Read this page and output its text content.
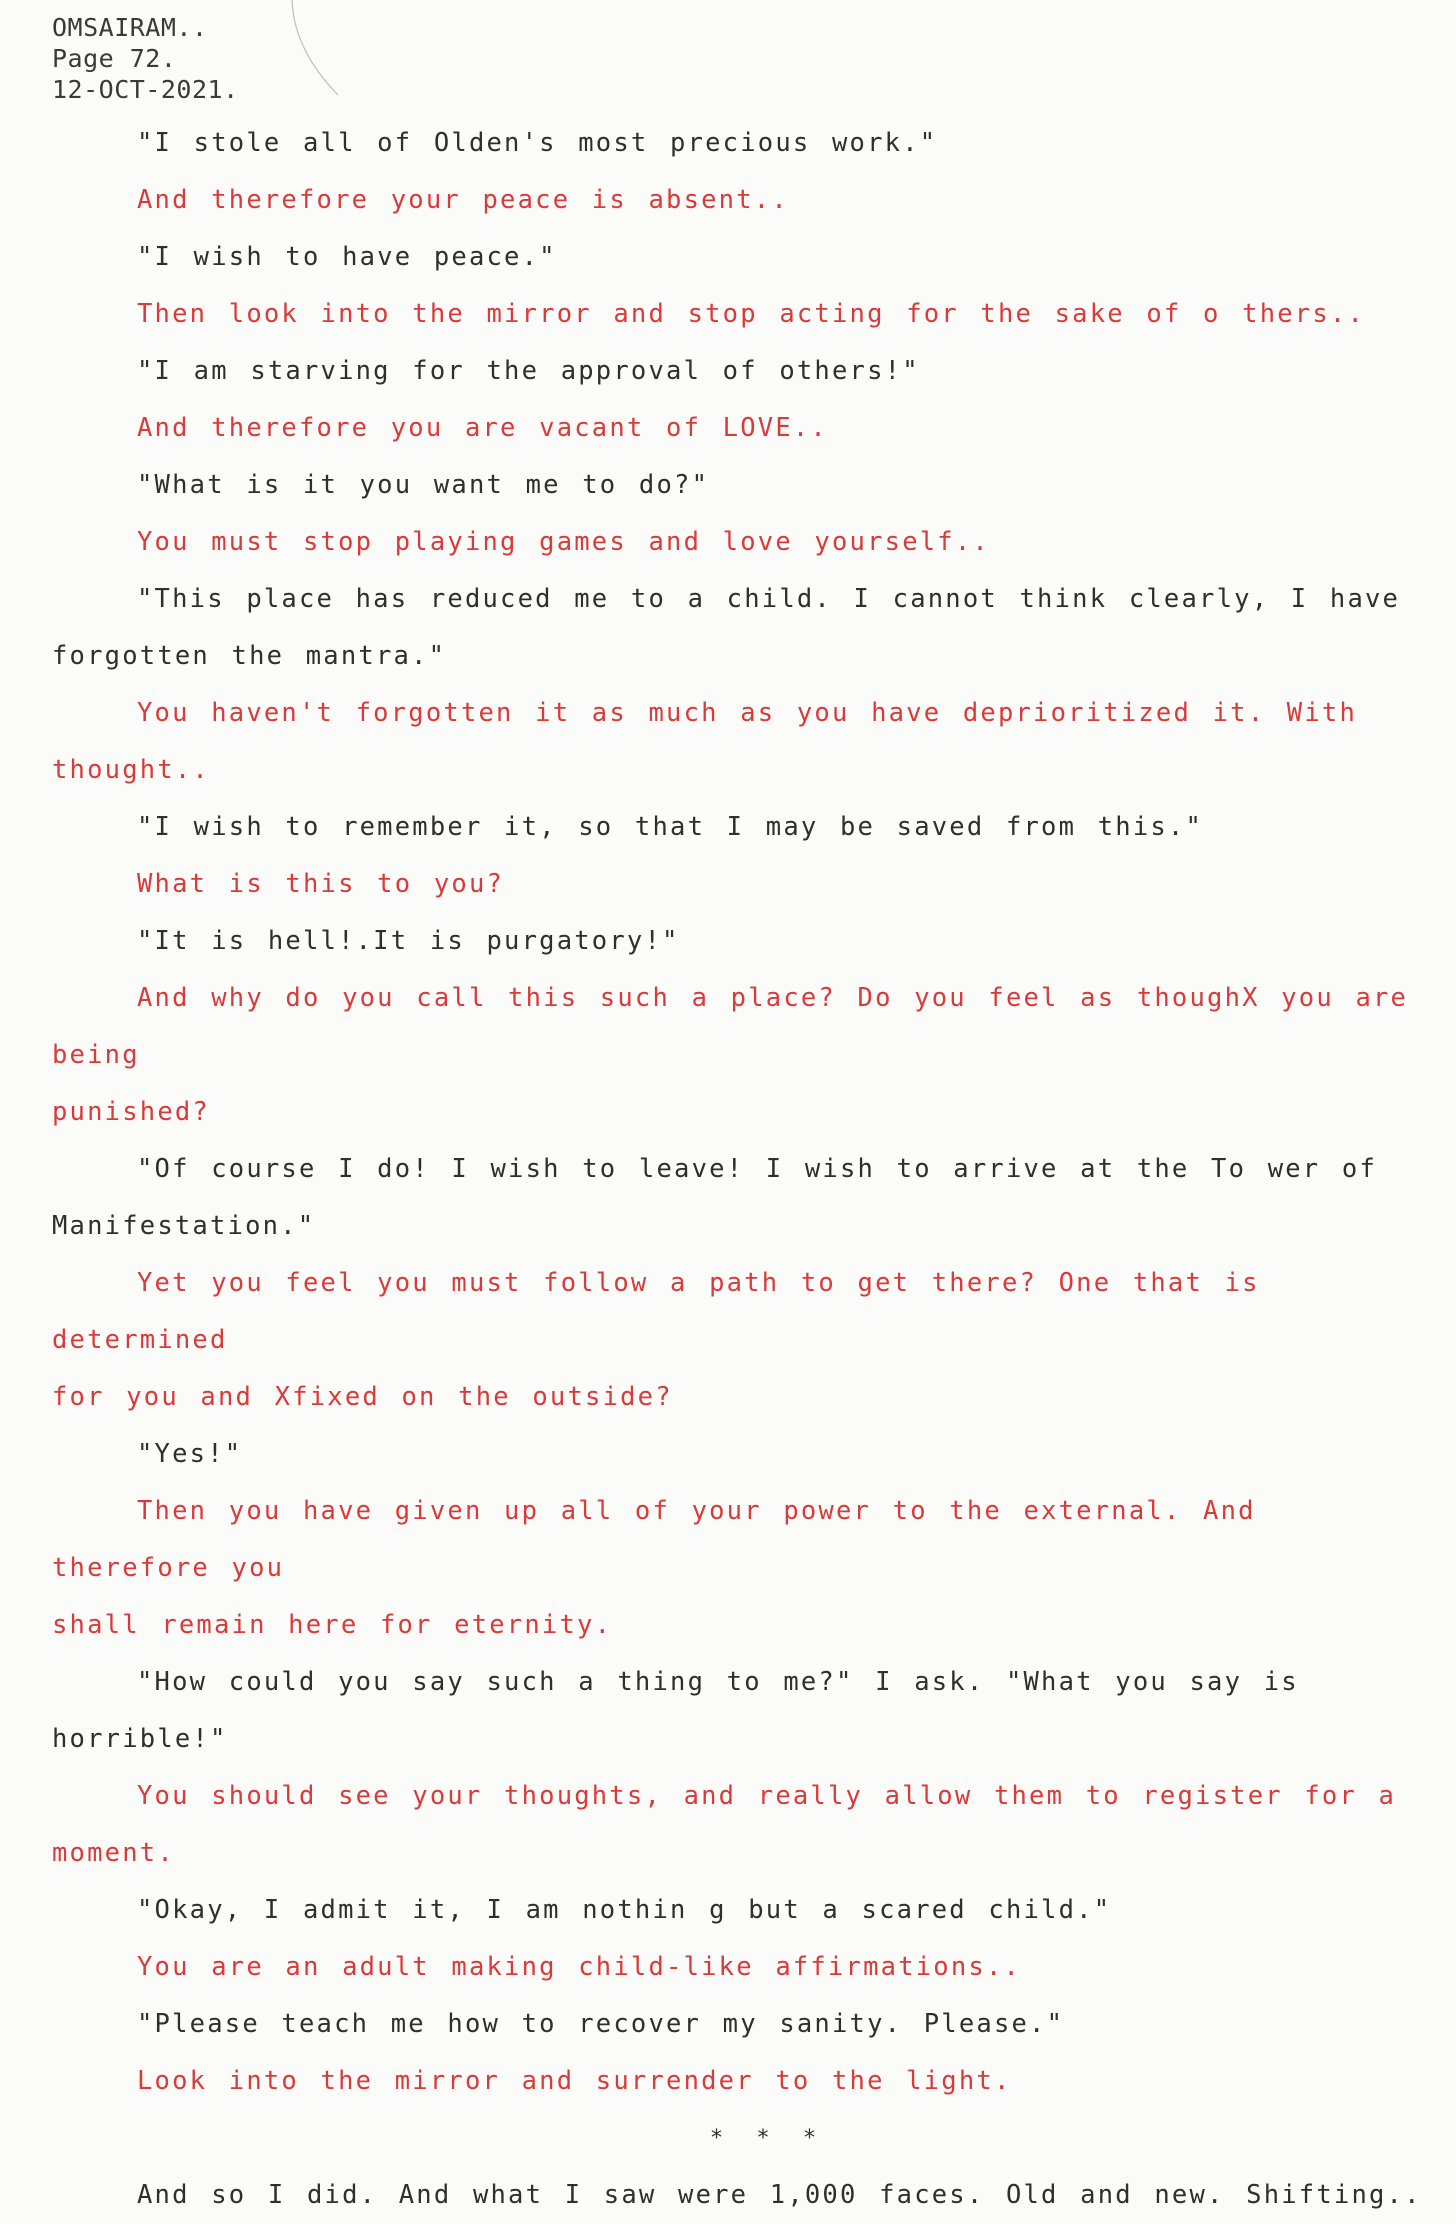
OMSAIRAM..
Page 72.
12-OCT-2021.

"I stole all of Olden's most precious work."

And therefore your peace is absent..

"I wish to have peace."

Then look into the mirror and stop acting for the sake of o thers..

"I am starving for the approval of others!"

And therefore you are vacant of LOVE..

"What is it you want me to do?"

You must stop playing games and love yourself..

"This place has reduced me to a child. I cannot think clearly, I have

forgotten the mantra."

You haven't forgotten it as much as you have deprioritized it. With thought..

"I wish to remember it, so that I may be saved from this."

What is this to you?

"It is hell!.It is purgatory!"

And why do you call this such a place? Do you feel as thoughX you are being

punished?

"Of course I do! I wish to leave! I wish to arrive at the To wer of

Manifestation."

Yet you feel you must follow a path to get there? One that is determined

for you and Xfixed on the outside?

"Yes!"

Then you have given up all of your power to the external. And therefore you

shall remain here for eternity.

"How could you say such a thing to me?" I ask. "What you say is horrible!"

You should see your thoughts, and really allow them to register for a moment.

"Okay, I admit it, I am nothin g but a scared child."

You are an adult making child-like affirmations..

"Please teach me how to recover my sanity. Please."

Look into the mirror and surrender to the light.

* * *

And so I did. And what I saw were 1,000 faces. Old and new. Shifting..
